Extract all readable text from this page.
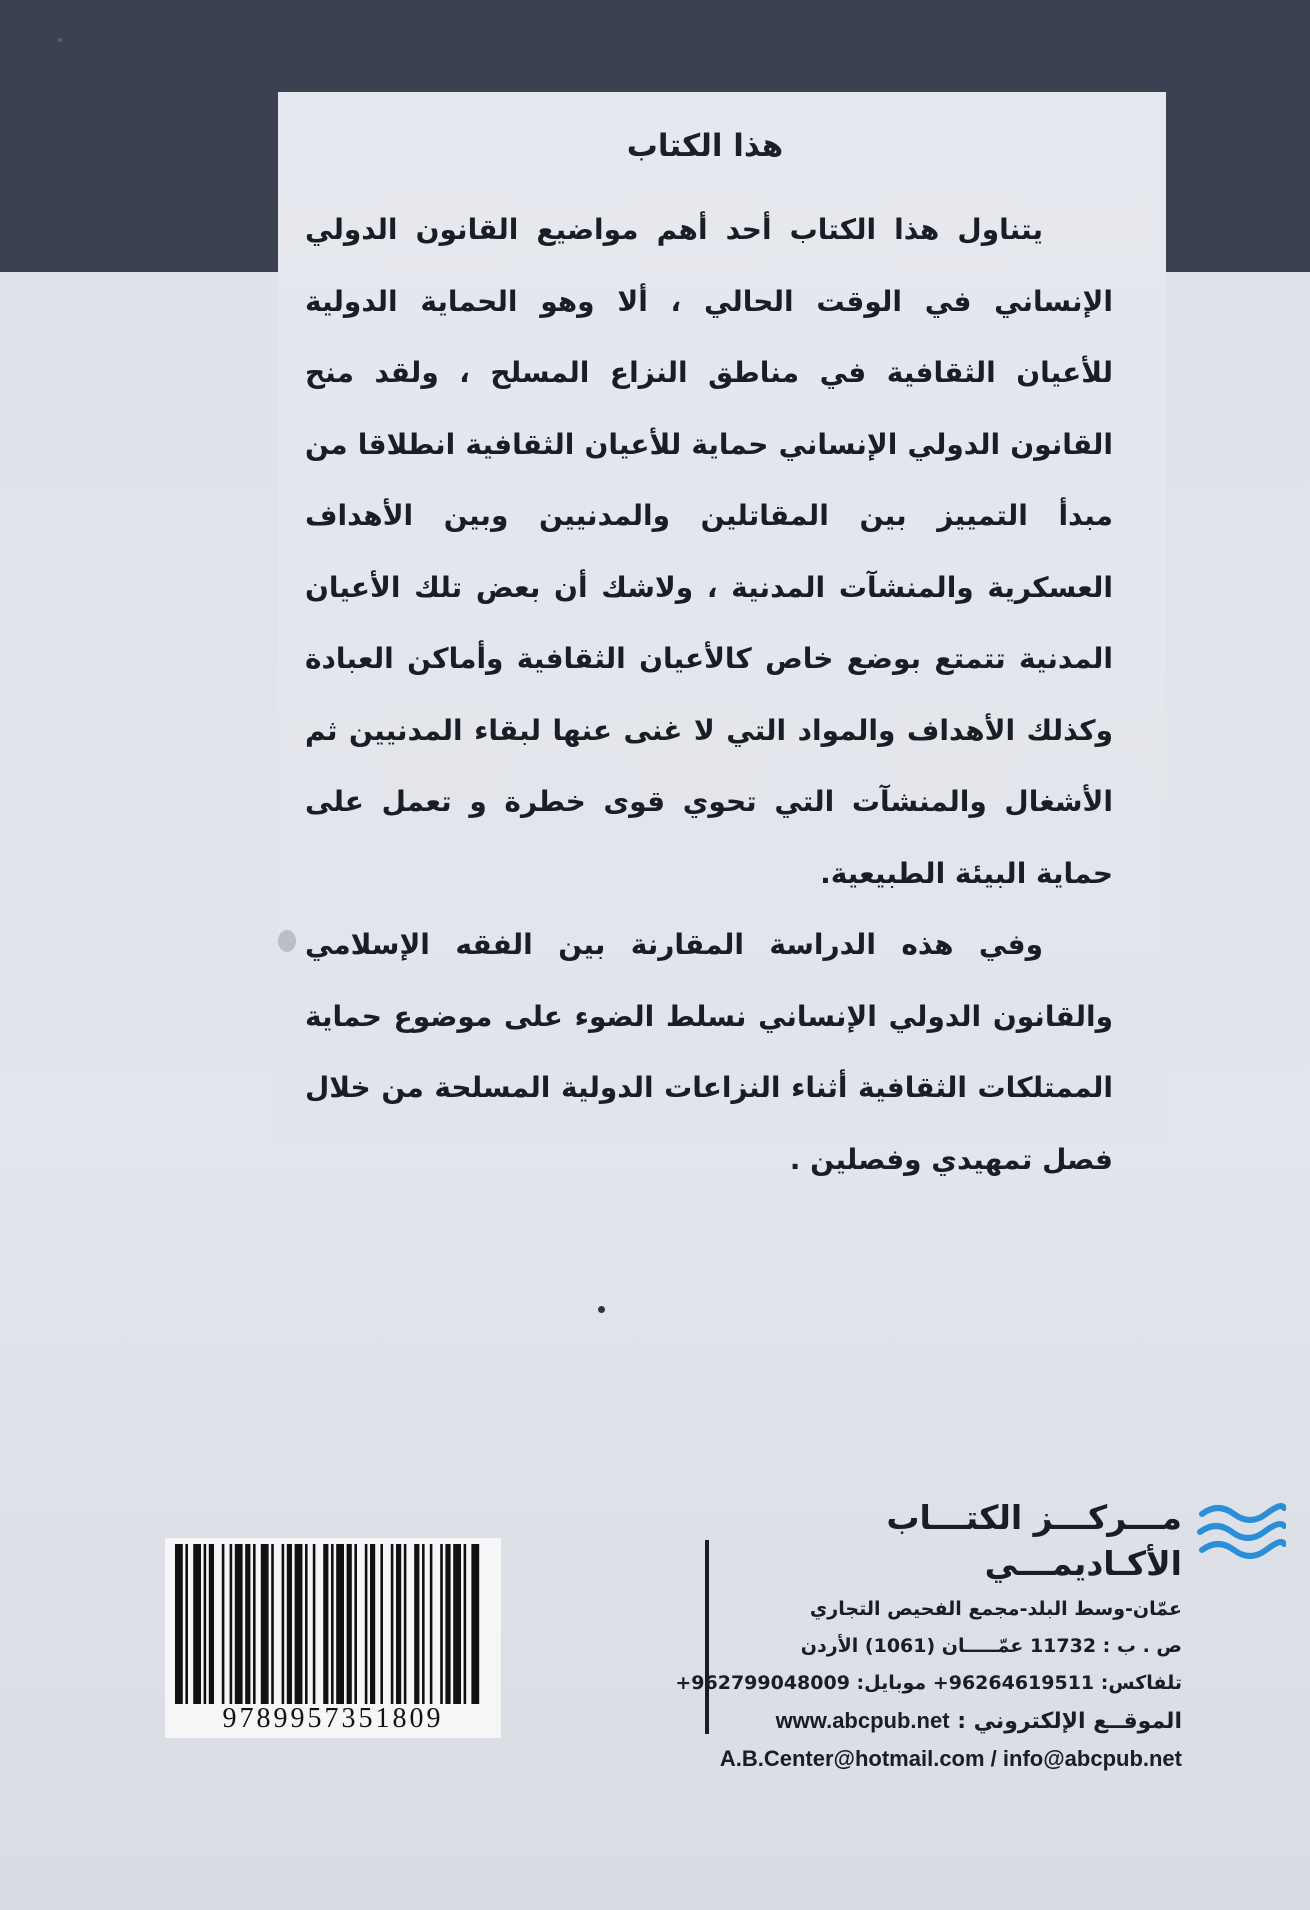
هذا الكتاب

يتناول هذا الكتاب أحد أهم مواضيع القانون الدولي الإنساني في الوقت الحالي ، ألا وهو الحماية الدولية للأعيان الثقافية في مناطق النزاع المسلح ، ولقد منح القانون الدولي الإنساني حماية للأعيان الثقافية انطلاقا من مبدأ التمييز بين المقاتلين والمدنيين وبين الأهداف العسكرية والمنشآت المدنية ، ولاشك أن بعض تلك الأعيان المدنية تتمتع بوضع خاص كالأعيان الثقافية وأماكن العبادة وكذلك الأهداف والمواد التي لا غنى عنها لبقاء المدنيين ثم الأشغال والمنشآت التي تحوي قوى خطرة و تعمل على حماية البيئة الطبيعية.

وفي هذه الدراسة المقارنة بين الفقه الإسلامي والقانون الدولي الإنساني نسلط الضوء على موضوع حماية الممتلكات الثقافية أثناء النزاعات الدولية المسلحة من خلال فصل تمهيدي وفصلين .

مـــركـــز الكتـــاب الأكـاديمـــي

عمّان-وسط البلد-مجمع الفحيص التجاري

ص . ب : 11732 عمّـــــان (1061) الأردن

تلفاكس: 96264619511+ موبايل: 962799048009+

الموقــع الإلكتروني : www.abcpub.net

A.B.Center@hotmail.com / info@abcpub.net

9789957351809
